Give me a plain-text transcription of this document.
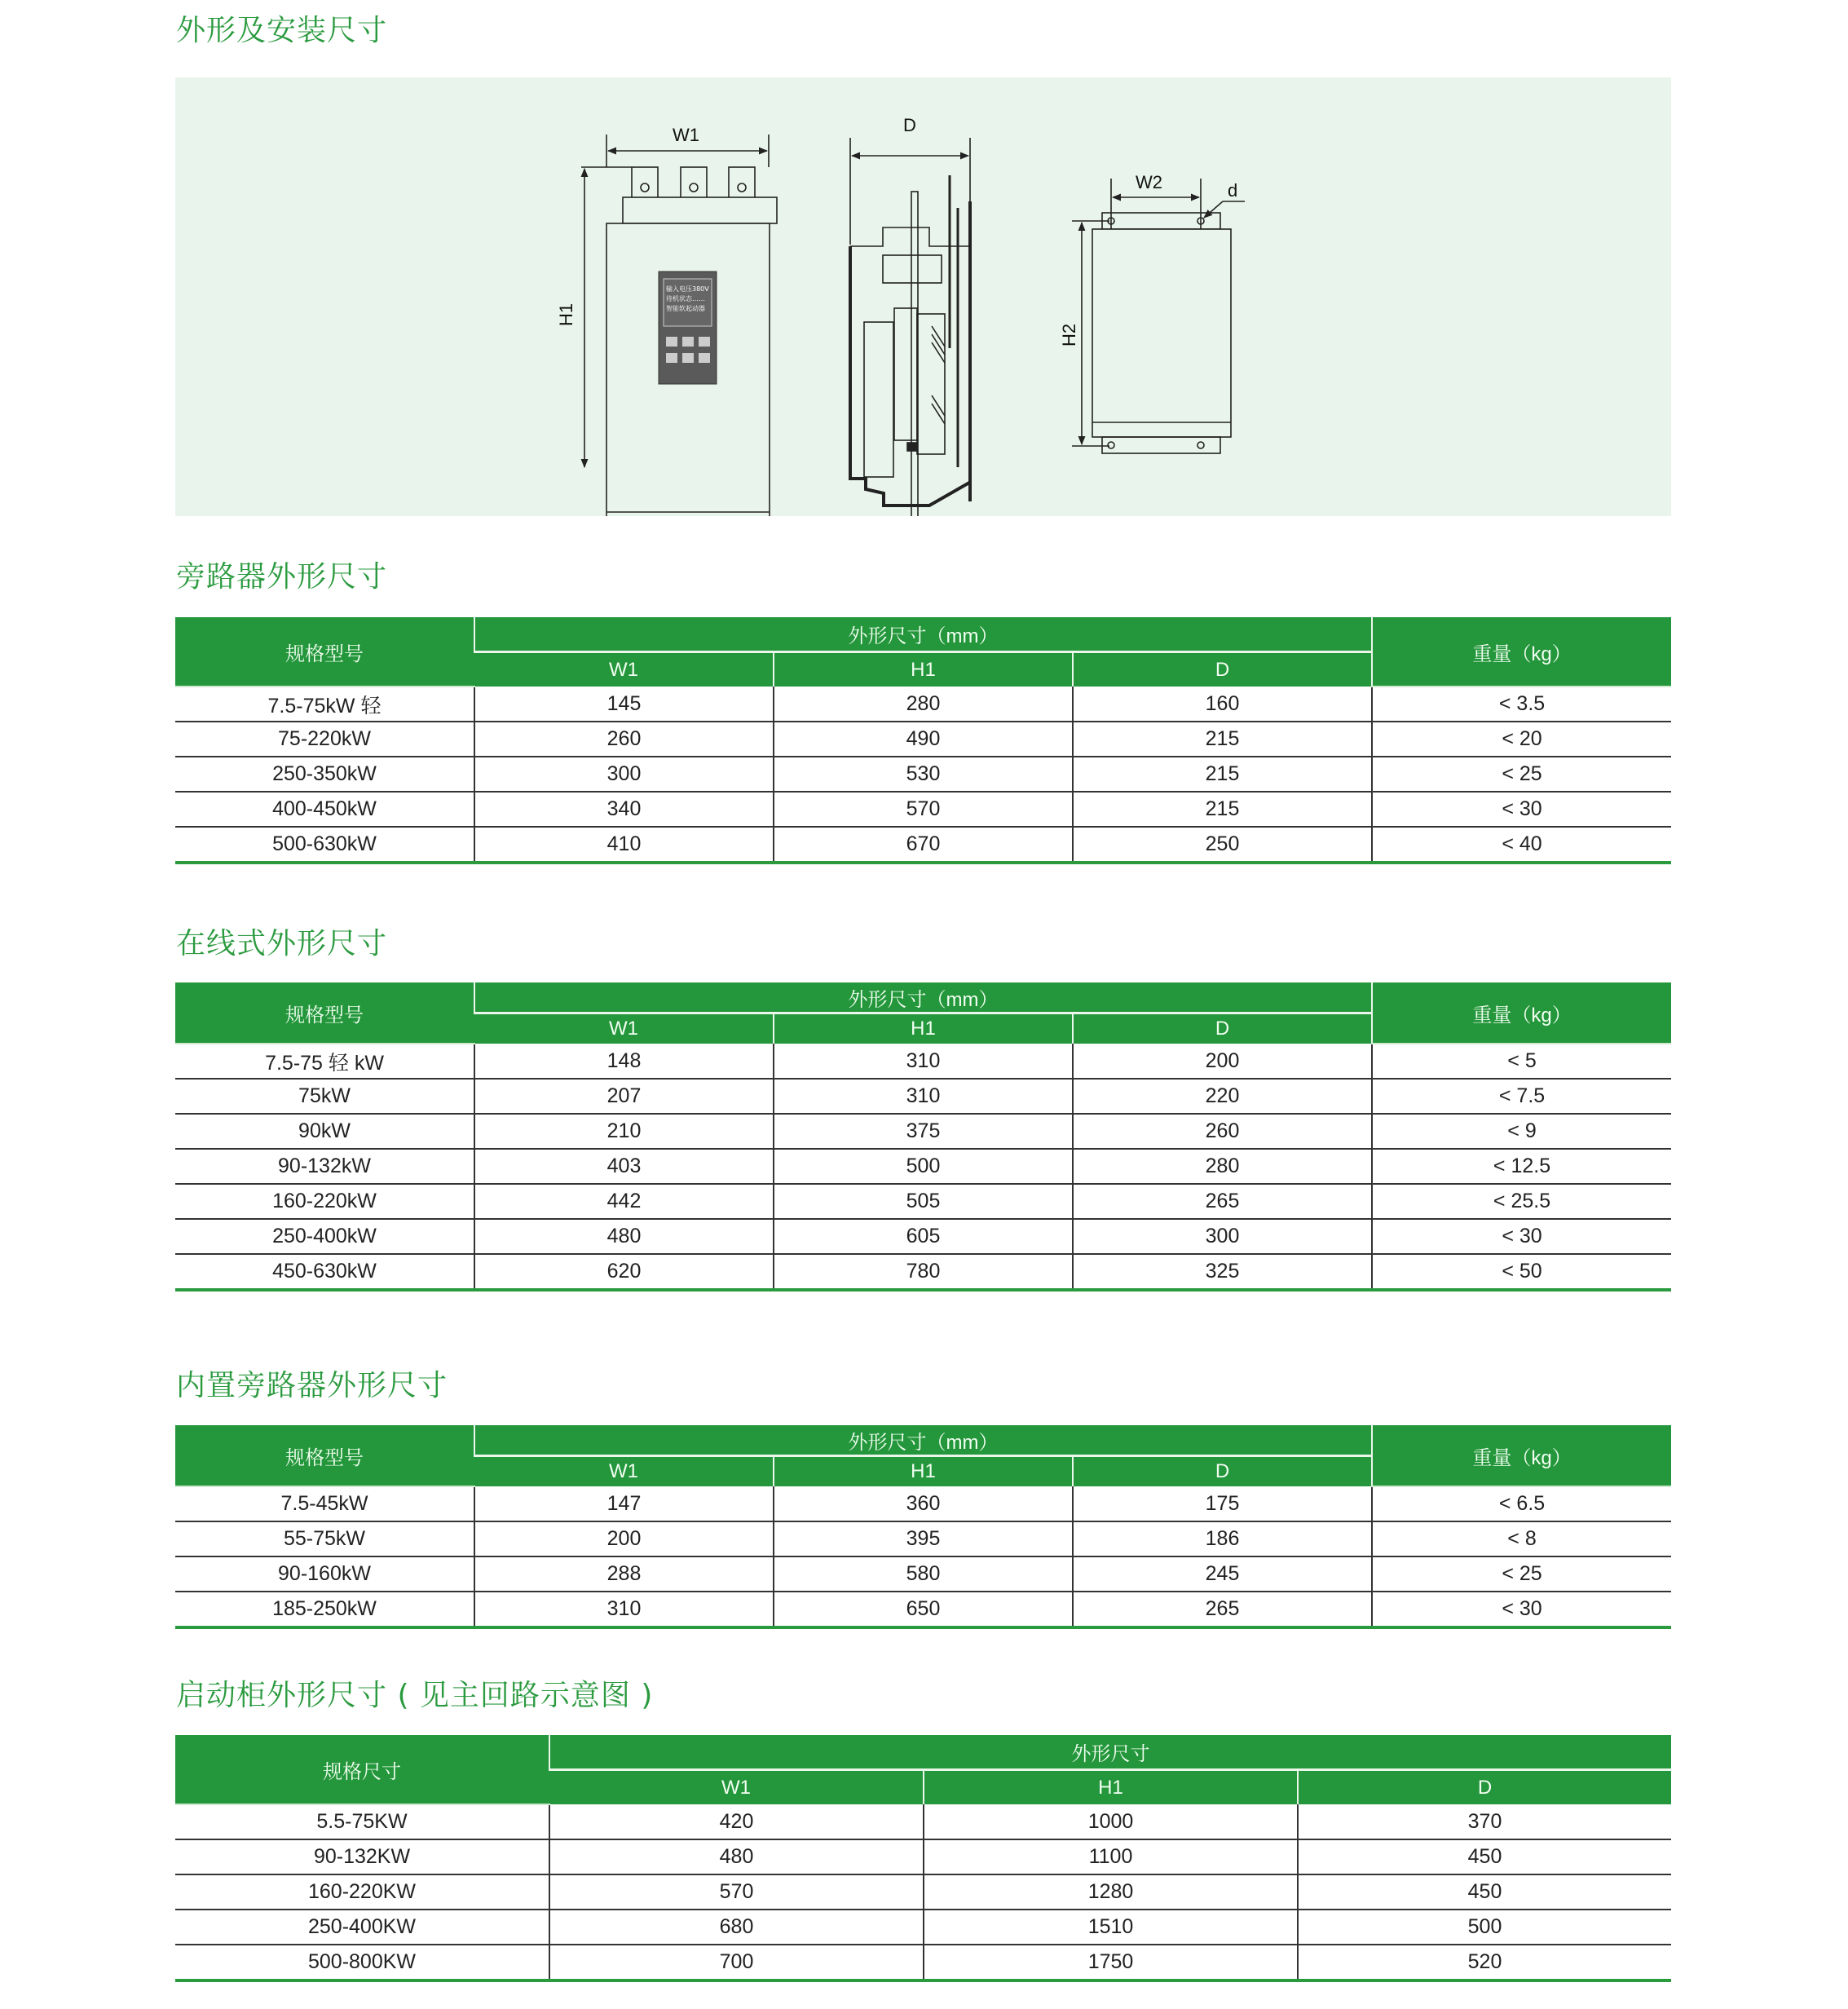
外形及安装尺寸
输入电压380V
待机状态……
智能软起动器
W1
H1
D
W2
H2
d
旁路器外形尺寸
规格型号	外形尺寸（mm）			重量（kg）
	W1	H1	D	
7.5-75kW 轻	145	280	160	< 3.5
75-220kW	260	490	215	< 20
250-350kW	300	530	215	< 25
400-450kW	340	570	215	< 30
500-630kW	410	670	250	< 40
在线式外形尺寸
规格型号	外形尺寸（mm）			重量（kg）
	W1	H1	D	
7.5-75 轻 kW	148	310	200	< 5
75kW	207	310	220	< 7.5
90kW	210	375	260	< 9
90-132kW	403	500	280	< 12.5
160-220kW	442	505	265	< 25.5
250-400kW	480	605	300	< 30
450-630kW	620	780	325	< 50
内置旁路器外形尺寸
规格型号	外形尺寸（mm）			重量（kg）
	W1	H1	D	
7.5-45kW	147	360	175	< 6.5
55-75kW	200	395	186	< 8
90-160kW	288	580	245	< 25
185-250kW	310	650	265	< 30
启动柜外形尺寸 ( 见主回路示意图 )
规格尺寸	外形尺寸		
	W1	H1	D
5.5-75KW	420	1000	370
90-132KW	480	1100	450
160-220KW	570	1280	450
250-400KW	680	1510	500
500-800KW	700	1750	520
